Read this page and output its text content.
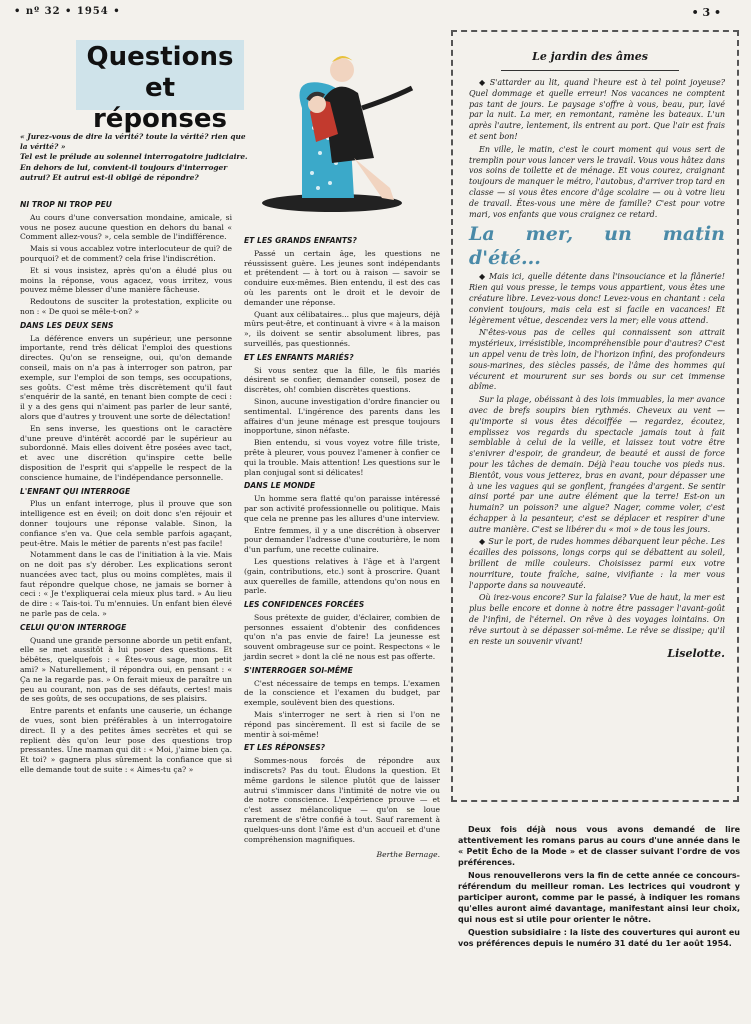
• nº 32 • 1954 •	• 3 •
Questions
et réponses
« Jurez-vous de dire la vérité? toute la vérité? rien que la vérité? »
Tel est le prélude au solennel interrogatoire judiciaire.
En dehors de lui, convient-il toujours d'interroger autrui? Et autrui est-il obligé de répondre?
NI TROP NI TROP PEU

Au cours d'une conversation mondaine, amicale, si vous ne posez aucune question en dehors du banal « Comment allez-vous? », cela semble de l'indifférence.

Mais si vous accablez votre interlocuteur de qui? de pourquoi? et de comment? cela frise l'indiscrétion.

Et si vous insistez, après qu'on a éludé plus ou moins la réponse, vous agacez, vous irritez, vous pouvez même blesser d'une manière fâcheuse.

Redoutons de susciter la protestation, explicite ou non : « De quoi se mêle-t-on? »

DANS LES DEUX SENS

La déférence envers un supérieur, une personne importante, rend très délicat l'emploi des questions directes. Qu'on se renseigne, oui, qu'on demande conseil, mais on n'a pas à interroger son patron, par exemple, sur l'emploi de son temps, ses occupations, ses goûts. C'est même très discrètement qu'il faut s'enquérir de la santé, en tenant bien compte de ceci : il y a des gens qui n'aiment pas parler de leur santé, alors que d'autres y trouvent une sorte de délectation!

En sens inverse, les questions ont le caractère d'une preuve d'intérêt accordé par le supérieur au subordonné. Mais elles doivent être posées avec tact, et avec une discrétion qu'inspire cette belle disposition de l'esprit qui s'appelle le respect de la conscience humaine, de l'indépendance personnelle.

L'ENFANT QUI INTERROGE

Plus un enfant interroge, plus il prouve que son intelligence est en éveil; on doit donc s'en réjouir et donner toujours une réponse valable. Sinon, la confiance s'en va. Que cela semble parfois agaçant, peut-être. Mais le métier de parents n'est pas facile!

Notamment dans le cas de l'initiation à la vie. Mais on ne doit pas s'y dérober. Les explications seront nuancées avec tact, plus ou moins complètes, mais il faut répondre quelque chose, ne jamais se borner à ceci : « Je t'expliquerai cela mieux plus tard. » Au lieu de dire : « Tais-toi. Tu m'ennuies. Un enfant bien élevé ne parle pas de cela. »

CELUI QU'ON INTERROGE

Quand une grande personne aborde un petit enfant, elle se met aussitôt à lui poser des questions. Et bébêtes, quelquefois : « Êtes-vous sage, mon petit ami? » Naturellement, il répondra oui, en pensant : « Ça ne la regarde pas. » On ferait mieux de paraître un peu au courant, non pas de ses défauts, certes! mais de ses goûts, de ses occupations, de ses plaisirs.

Entre parents et enfants une causerie, un échange de vues, sont bien préférables à un interrogatoire direct. Il y a des petites âmes secrètes et qui se replient dès qu'on leur pose des questions trop pressantes. Une maman qui dit : « Moi, j'aime bien ça. Et toi? » gagnera plus sûrement la confiance que si elle demande tout de suite : « Aimes-tu ça? »

ET LES GRANDS ENFANTS?

Passé un certain âge, les questions ne réussissent guère. Les jeunes sont indépendants et prétendent — à tort ou à raison — savoir se conduire eux-mêmes. Bien entendu, il est des cas où les parents ont le droit et le devoir de demander une réponse.

Quant aux célibataires... plus que majeurs, déjà mûrs peut-être, et continuant à vivre « à la maison », ils doivent se sentir absolument libres, pas surveillés, pas questionnés.

ET LES ENFANTS MARIÉS?

Si vous sentez que la fille, le fils mariés désirent se confier, demander conseil, posez de discrètes, oh! combien discrètes questions.

Sinon, aucune investigation d'ordre financier ou sentimental. L'ingérence des parents dans les affaires d'un jeune ménage est presque toujours inopportune, sinon néfaste.

Bien entendu, si vous voyez votre fille triste, prête à pleurer, vous pouvez l'amener à confier ce qui la trouble. Mais attention! Les questions sur le plan conjugal sont si délicates!

DANS LE MONDE

Un homme sera flatté qu'on paraisse intéressé par son activité professionnelle ou politique. Mais que cela ne prenne pas les allures d'une interview.

Entre femmes, il y a une discrétion à observer pour demander l'adresse d'une couturière, le nom d'un parfum, une recette culinaire.

Les questions relatives à l'âge et à l'argent (gain, contributions, etc.) sont à proscrire. Quant aux querelles de famille, attendons qu'on nous en parle.

LES CONFIDENCES FORCÉES

Sous prétexte de guider, d'éclairer, combien de personnes essaient d'obtenir des confidences qu'on n'a pas envie de faire! La jeunesse est souvent ombrageuse sur ce point. Respectons « le jardin secret » dont la clé ne nous est pas offerte.

S'INTERROGER SOI-MÊME

C'est nécessaire de temps en temps. L'examen de la conscience et l'examen du budget, par exemple, soulèvent bien des questions.

Mais s'interroger ne sert à rien si l'on ne répond pas sincèrement. Il est si facile de se mentir à soi-même!

ET LES RÉPONSES?

Sommes-nous forcés de répondre aux indiscrets? Pas du tout. Éludons la question. Et même gardons le silence plutôt que de laisser autrui s'immiscer dans l'intimité de notre vie ou de notre conscience. L'expérience prouve — et c'est assez mélancolique — qu'on se loue rarement de s'être confié à tout. Sauf rarement à quelques-uns dont l'âme est d'un accueil et d'une compréhension magnifiques.

Berthe Bernage.
Le jardin des âmes

◆ S'attarder au lit, quand l'heure est à tel point joyeuse? Quel dommage et quelle erreur! Nos vacances ne comptent pas tant de jours. Le paysage s'offre à vous, beau, pur, lavé par la nuit. La mer, en remontant, ramène les bateaux. L'un après l'autre, lentement, ils entrent au port. Que l'air est frais et sent bon!

En ville, le matin, c'est le court moment qui vous sert de tremplin pour vous lancer vers le travail. Vous vous hâtez dans vos soins de toilette et de ménage. Et vous courez, craignant toujours de manquer le métro, l'autobus, d'arriver trop tard en classe — si vous êtes encore d'âge scolaire — ou à votre lieu de travail. Êtes-vous une mère de famille? C'est pour votre mari, vos enfants que vous craignez ce retard.

La mer, un matin d'été...

◆ Mais ici, quelle détente dans l'insouciance et la flânerie! Rien qui vous presse, le temps vous appartient, vous êtes une créature libre. Levez-vous donc! Levez-vous en chantant : cela convient toujours, mais cela est si facile en vacances! Et légèrement vêtue, descendez vers la mer; elle vous attend.

N'êtes-vous pas de celles qui connaissent son attrait mystérieux, irrésistible, incompréhensible pour d'autres? C'est un appel venu de très loin, de l'horizon infini, des profondeurs sous-marines, des siècles passés, de l'âme des hommes qui vécurent et moururent sur ses bords ou sur cet immense abîme.

Sur la plage, obéissant à des lois immuables, la mer avance avec de brefs soupirs bien rythmés. Cheveux au vent — qu'importe si vous êtes décoiffée — regardez, écoutez, emplissez vos regards du spectacle jamais tout à fait semblable à celui de la veille, et laissez tout votre être s'enivrer d'espoir, de grandeur, de beauté et aussi de force pour les tâches de demain. Déjà l'eau touche vos pieds nus. Bientôt, vous vous jetterez, bras en avant, pour dépasser une à une les vagues qui se gonflent, frangées d'argent. Se sentir ainsi porté par une autre élément que la terre! Est-on un humain? un poisson? une algue? Nager, comme voler, c'est échapper à la pesanteur, c'est se déplacer et respirer d'une autre manière. C'est se libérer du « moi » de tous les jours.

◆ Sur le port, de rudes hommes débarquent leur pêche. Les écailles des poissons, longs corps qui se débattent au soleil, brillent de mille couleurs. Choisissez parmi eux votre nourriture, toute fraîche, saine, vivifiante : la mer vous l'apporte dans sa nouveauté.

Où irez-vous encore? Sur la falaise? Vue de haut, la mer est plus belle encore et donne à notre être passager l'avant-goût de l'infini, de l'éternel. On rêve à des voyages lointains. On rêve surtout à se dépasser soi-même. Le rêve se dissipe; qu'il en reste un souvenir vivant!

Liselotte.

Deux fois déjà nous vous avons demandé de lire attentivement les romans parus au cours d'une année dans le « Petit Écho de la Mode » et de classer suivant l'ordre de vos préférences.

Nous renouvellerons vers la fin de cette année ce concours-référendum du meilleur roman. Les lectrices qui voudront y participer auront, comme par le passé, à indiquer les romans qu'elles auront aimé davantage, manifestant ainsi leur choix, qui nous est si utile pour orienter le nôtre.

Question subsidiaire : la liste des couvertures qui auront eu vos préférences depuis le numéro 31 daté du 1er août 1954.
